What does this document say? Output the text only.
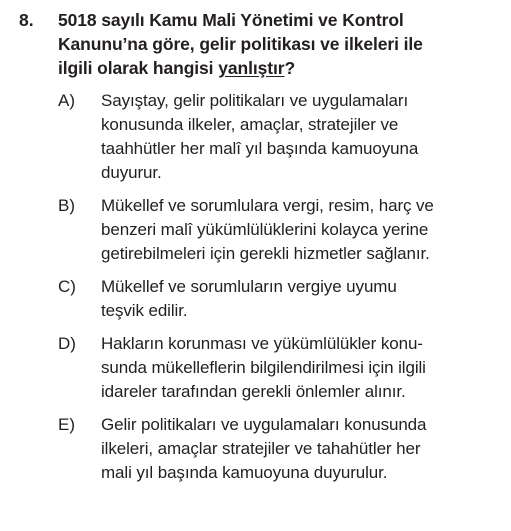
8.	5018 sayılı Kamu Mali Yönetimi ve Kontrol
Kanunu’na göre, gelir politikası ve ilkeleri ile
ilgili olarak hangisi yanlıştır?
A)	Sayıştay, gelir politikaları ve uygulamaları
konusunda ilkeler, amaçlar, stratejiler ve
taahhütler her malî yıl başında kamuoyuna
duyurur.
B)	Mükellef ve sorumlulara vergi, resim, harç ve
benzeri malî yükümlülüklerini kolayca yerine
getirebilmeleri için gerekli hizmetler sağlanır.
C)	Mükellef ve sorumluların vergiye uyumu
teşvik edilir.
D)	Hakların korunması ve yükümlülükler konu-
sunda mükelleflerin bilgilendirilmesi için ilgili
idareler tarafından gerekli önlemler alınır.
E)	Gelir politikaları ve uygulamaları konusunda
ilkeleri, amaçlar stratejiler ve tahahütler her
mali yıl başında kamuoyuna duyurulur.
